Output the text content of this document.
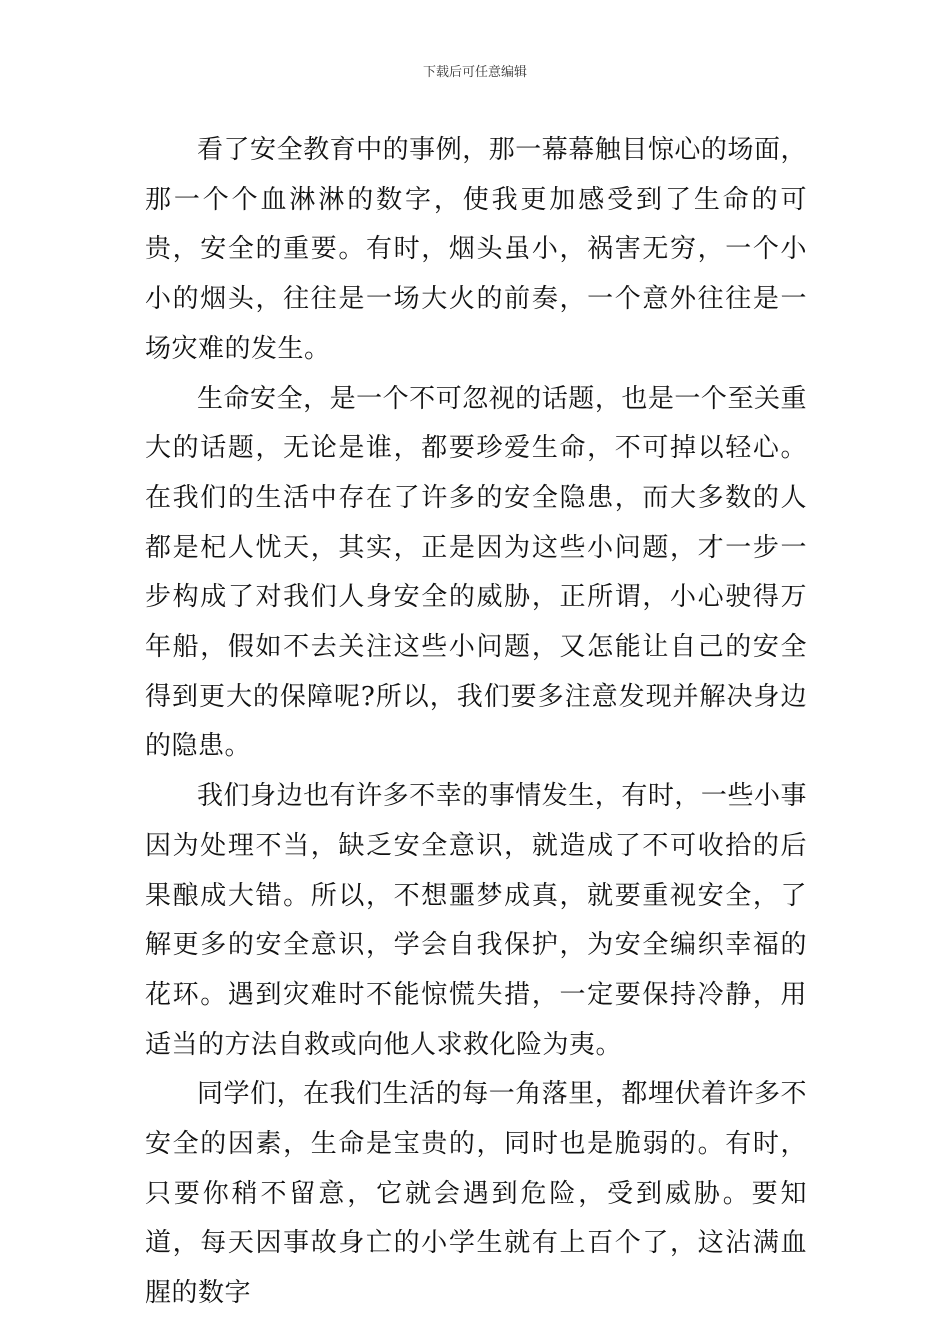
下载后可任意编辑

看了安全教育中的事例，那一幕幕触目惊心的场面，那一个个血淋淋的数字，使我更加感受到了生命的可贵，安全的重要。有时，烟头虽小，祸害无穷，一个小小的烟头，往往是一场大火的前奏，一个意外往往是一场灾难的发生。

生命安全，是一个不可忽视的话题，也是一个至关重大的话题，无论是谁，都要珍爱生命，不可掉以轻心。在我们的生活中存在了许多的安全隐患，而大多数的人都是杞人忧天，其实，正是因为这些小问题，才一步一步构成了对我们人身安全的威胁，正所谓，小心驶得万年船，假如不去关注这些小问题，又怎能让自己的安全得到更大的保障呢?所以，我们要多注意发现并解决身边的隐患。

我们身边也有许多不幸的事情发生，有时，一些小事因为处理不当，缺乏安全意识，就造成了不可收拾的后果酿成大错。所以，不想噩梦成真，就要重视安全，了解更多的安全意识，学会自我保护，为安全编织幸福的花环。遇到灾难时不能惊慌失措，一定要保持冷静，用适当的方法自救或向他人求救化险为夷。

同学们，在我们生活的每一角落里，都埋伏着许多不安全的因素，生命是宝贵的，同时也是脆弱的。有时，只要你稍不留意，它就会遇到危险，受到威胁。要知道，每天因事故身亡的小学生就有上百个了，这沾满血腥的数字
